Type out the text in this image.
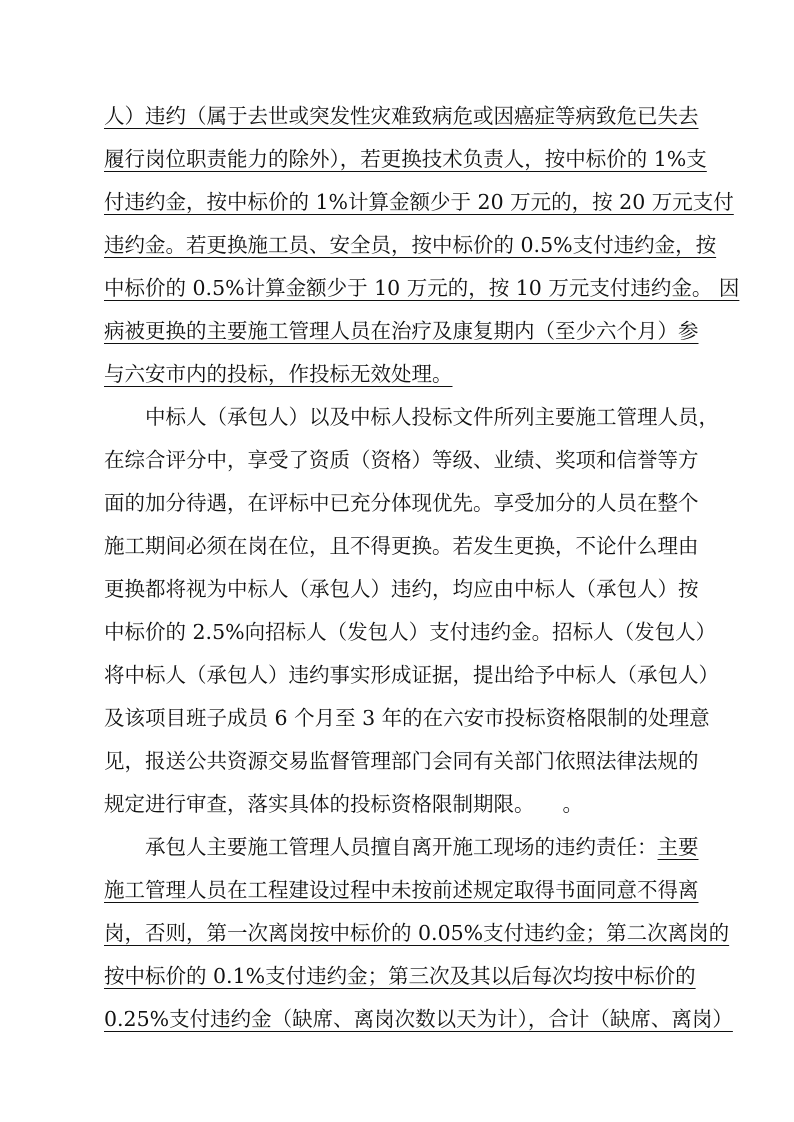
人）违约（属于去世或突发性灾难致病危或因癌症等病致危已失去
履行岗位职责能力的除外），若更换技术负责人，按中标价的 1%支
付违约金，按中标价的 1%计算金额少于 20 万元的，按 20 万元支付
违约金。若更换施工员、安全员，按中标价的 0.5%支付违约金，按
中标价的 0.5%计算金额少于 10 万元的，按 10 万元支付违约金。 因
病被更换的主要施工管理人员在治疗及康复期内（至少六个月）参
与六安市内的投标，作投标无效处理。
中标人（承包人）以及中标人投标文件所列主要施工管理人员，
在综合评分中，享受了资质（资格）等级、业绩、奖项和信誉等方
面的加分待遇，在评标中已充分体现优先。享受加分的人员在整个
施工期间必须在岗在位，且不得更换。若发生更换，不论什么理由
更换都将视为中标人（承包人）违约，均应由中标人（承包人）按
中标价的 2.5%向招标人（发包人）支付违约金。招标人（发包人）
将中标人（承包人）违约事实形成证据，提出给予中标人（承包人）
及该项目班子成员 6 个月至 3 年的在六安市投标资格限制的处理意
见，报送公共资源交易监督管理部门会同有关部门依照法律法规的
规定进行审查，落实具体的投标资格限制期限。 。
承包人主要施工管理人员擅自离开施工现场的违约责任：主要
施工管理人员在工程建设过程中未按前述规定取得书面同意不得离
岗，否则，第一次离岗按中标价的 0.05%支付违约金；第二次离岗的
按中标价的 0.1%支付违约金；第三次及其以后每次均按中标价的
0.25%支付违约金（缺席、离岗次数以天为计），合计（缺席、离岗）
